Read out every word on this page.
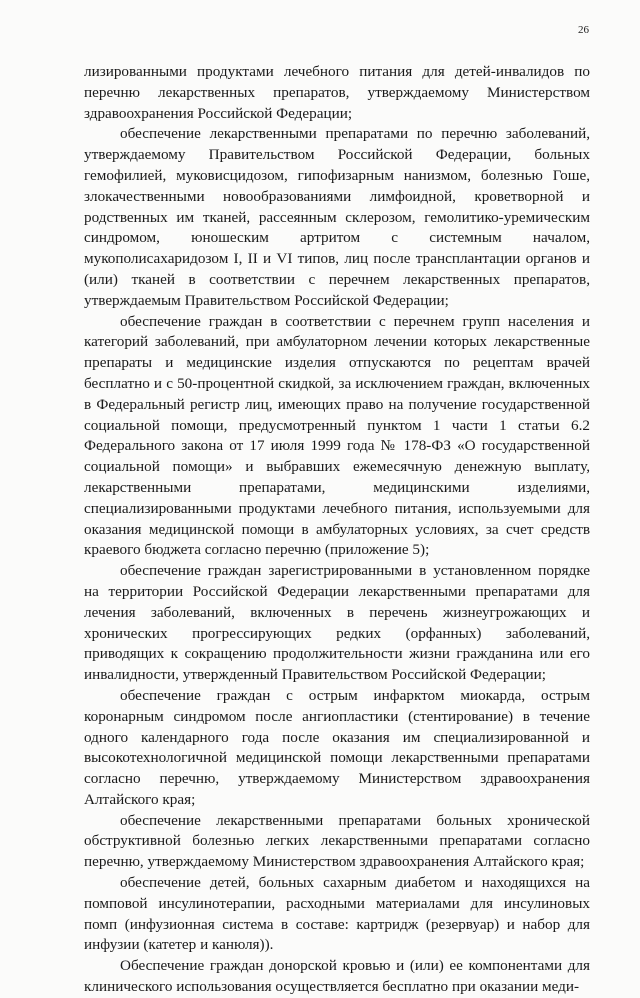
26

лизированными продуктами лечебного питания для детей-инвалидов по перечню лекарственных препаратов, утверждаемому Министерством здравоохранения Российской Федерации;

обеспечение лекарственными препаратами по перечню заболеваний, утверждаемому Правительством Российской Федерации, больных гемофилией, муковисцидозом, гипофизарным нанизмом, болезнью Гоше, злокачественными новообразованиями лимфоидной, кроветворной и родственных им тканей, рассеянным склерозом, гемолитико-уремическим синдромом, юношеским артритом с системным началом, мукополисахаридозом I, II и VI типов, лиц после трансплантации органов и (или) тканей в соответствии с перечнем лекарственных препаратов, утверждаемым Правительством Российской Федерации;

обеспечение граждан в соответствии с перечнем групп населения и категорий заболеваний, при амбулаторном лечении которых лекарственные препараты и медицинские изделия отпускаются по рецептам врачей бесплатно и с 50-процентной скидкой, за исключением граждан, включенных в Федеральный регистр лиц, имеющих право на получение государственной социальной помощи, предусмотренный пунктом 1 части 1 статьи 6.2 Федерального закона от 17 июля 1999 года № 178-ФЗ «О государственной социальной помощи» и выбравших ежемесячную денежную выплату, лекарственными препаратами, медицинскими изделиями, специализированными продуктами лечебного питания, используемыми для оказания медицинской помощи в амбулаторных условиях, за счет средств краевого бюджета согласно перечню (приложение 5);

обеспечение граждан зарегистрированными в установленном порядке на территории Российской Федерации лекарственными препаратами для лечения заболеваний, включенных в перечень жизнеугрожающих и хронических прогрессирующих редких (орфанных) заболеваний, приводящих к сокращению продолжительности жизни гражданина или его инвалидности, утвержденный Правительством Российской Федерации;

обеспечение граждан с острым инфарктом миокарда, острым коронарным синдромом после ангиопластики (стентирование) в течение одного календарного года после оказания им специализированной и высокотехнологичной медицинской помощи лекарственными препаратами согласно перечню, утверждаемому Министерством здравоохранения Алтайского края;

обеспечение лекарственными препаратами больных хронической обструктивной болезнью легких лекарственными препаратами согласно перечню, утверждаемому Министерством здравоохранения Алтайского края;

обеспечение детей, больных сахарным диабетом и находящихся на помповой инсулинотерапии, расходными материалами для инсулиновых помп (инфузионная система в составе: картридж (резервуар) и набор для инфузии (катетер и канюля)).

Обеспечение граждан донорской кровью и (или) ее компонентами для клинического использования осуществляется бесплатно при оказании меди-
